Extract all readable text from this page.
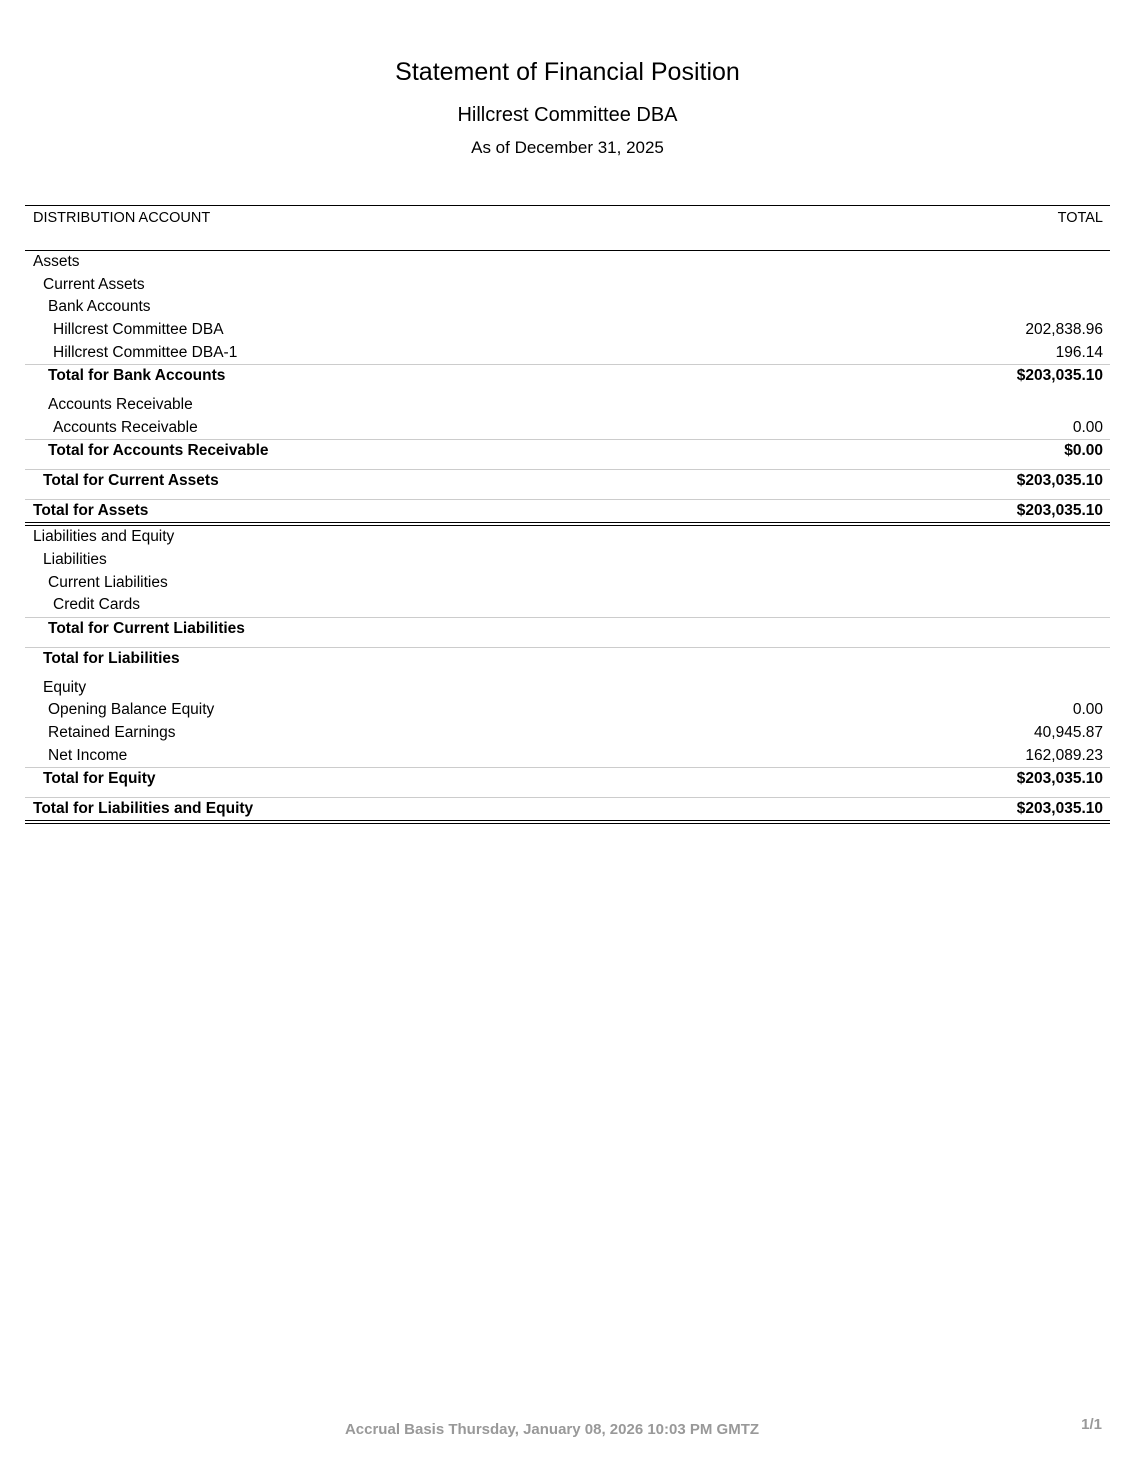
Statement of Financial Position
Hillcrest Committee DBA
As of December 31, 2025
DISTRIBUTION ACCOUNT	TOTAL
Assets
Current Assets
Bank Accounts
Hillcrest Committee DBA	202,838.96
Hillcrest Committee DBA-1	196.14
Total for Bank Accounts	$203,035.10
Accounts Receivable
Accounts Receivable	0.00
Total for Accounts Receivable	$0.00
Total for Current Assets	$203,035.10
Total for Assets	$203,035.10
Liabilities and Equity
Liabilities
Current Liabilities
Credit Cards
Total for Current Liabilities
Total for Liabilities
Equity
Opening Balance Equity	0.00
Retained Earnings	40,945.87
Net Income	162,089.23
Total for Equity	$203,035.10
Total for Liabilities and Equity	$203,035.10
Accrual Basis Thursday, January 08, 2026 10:03 PM GMTZ	1/1
